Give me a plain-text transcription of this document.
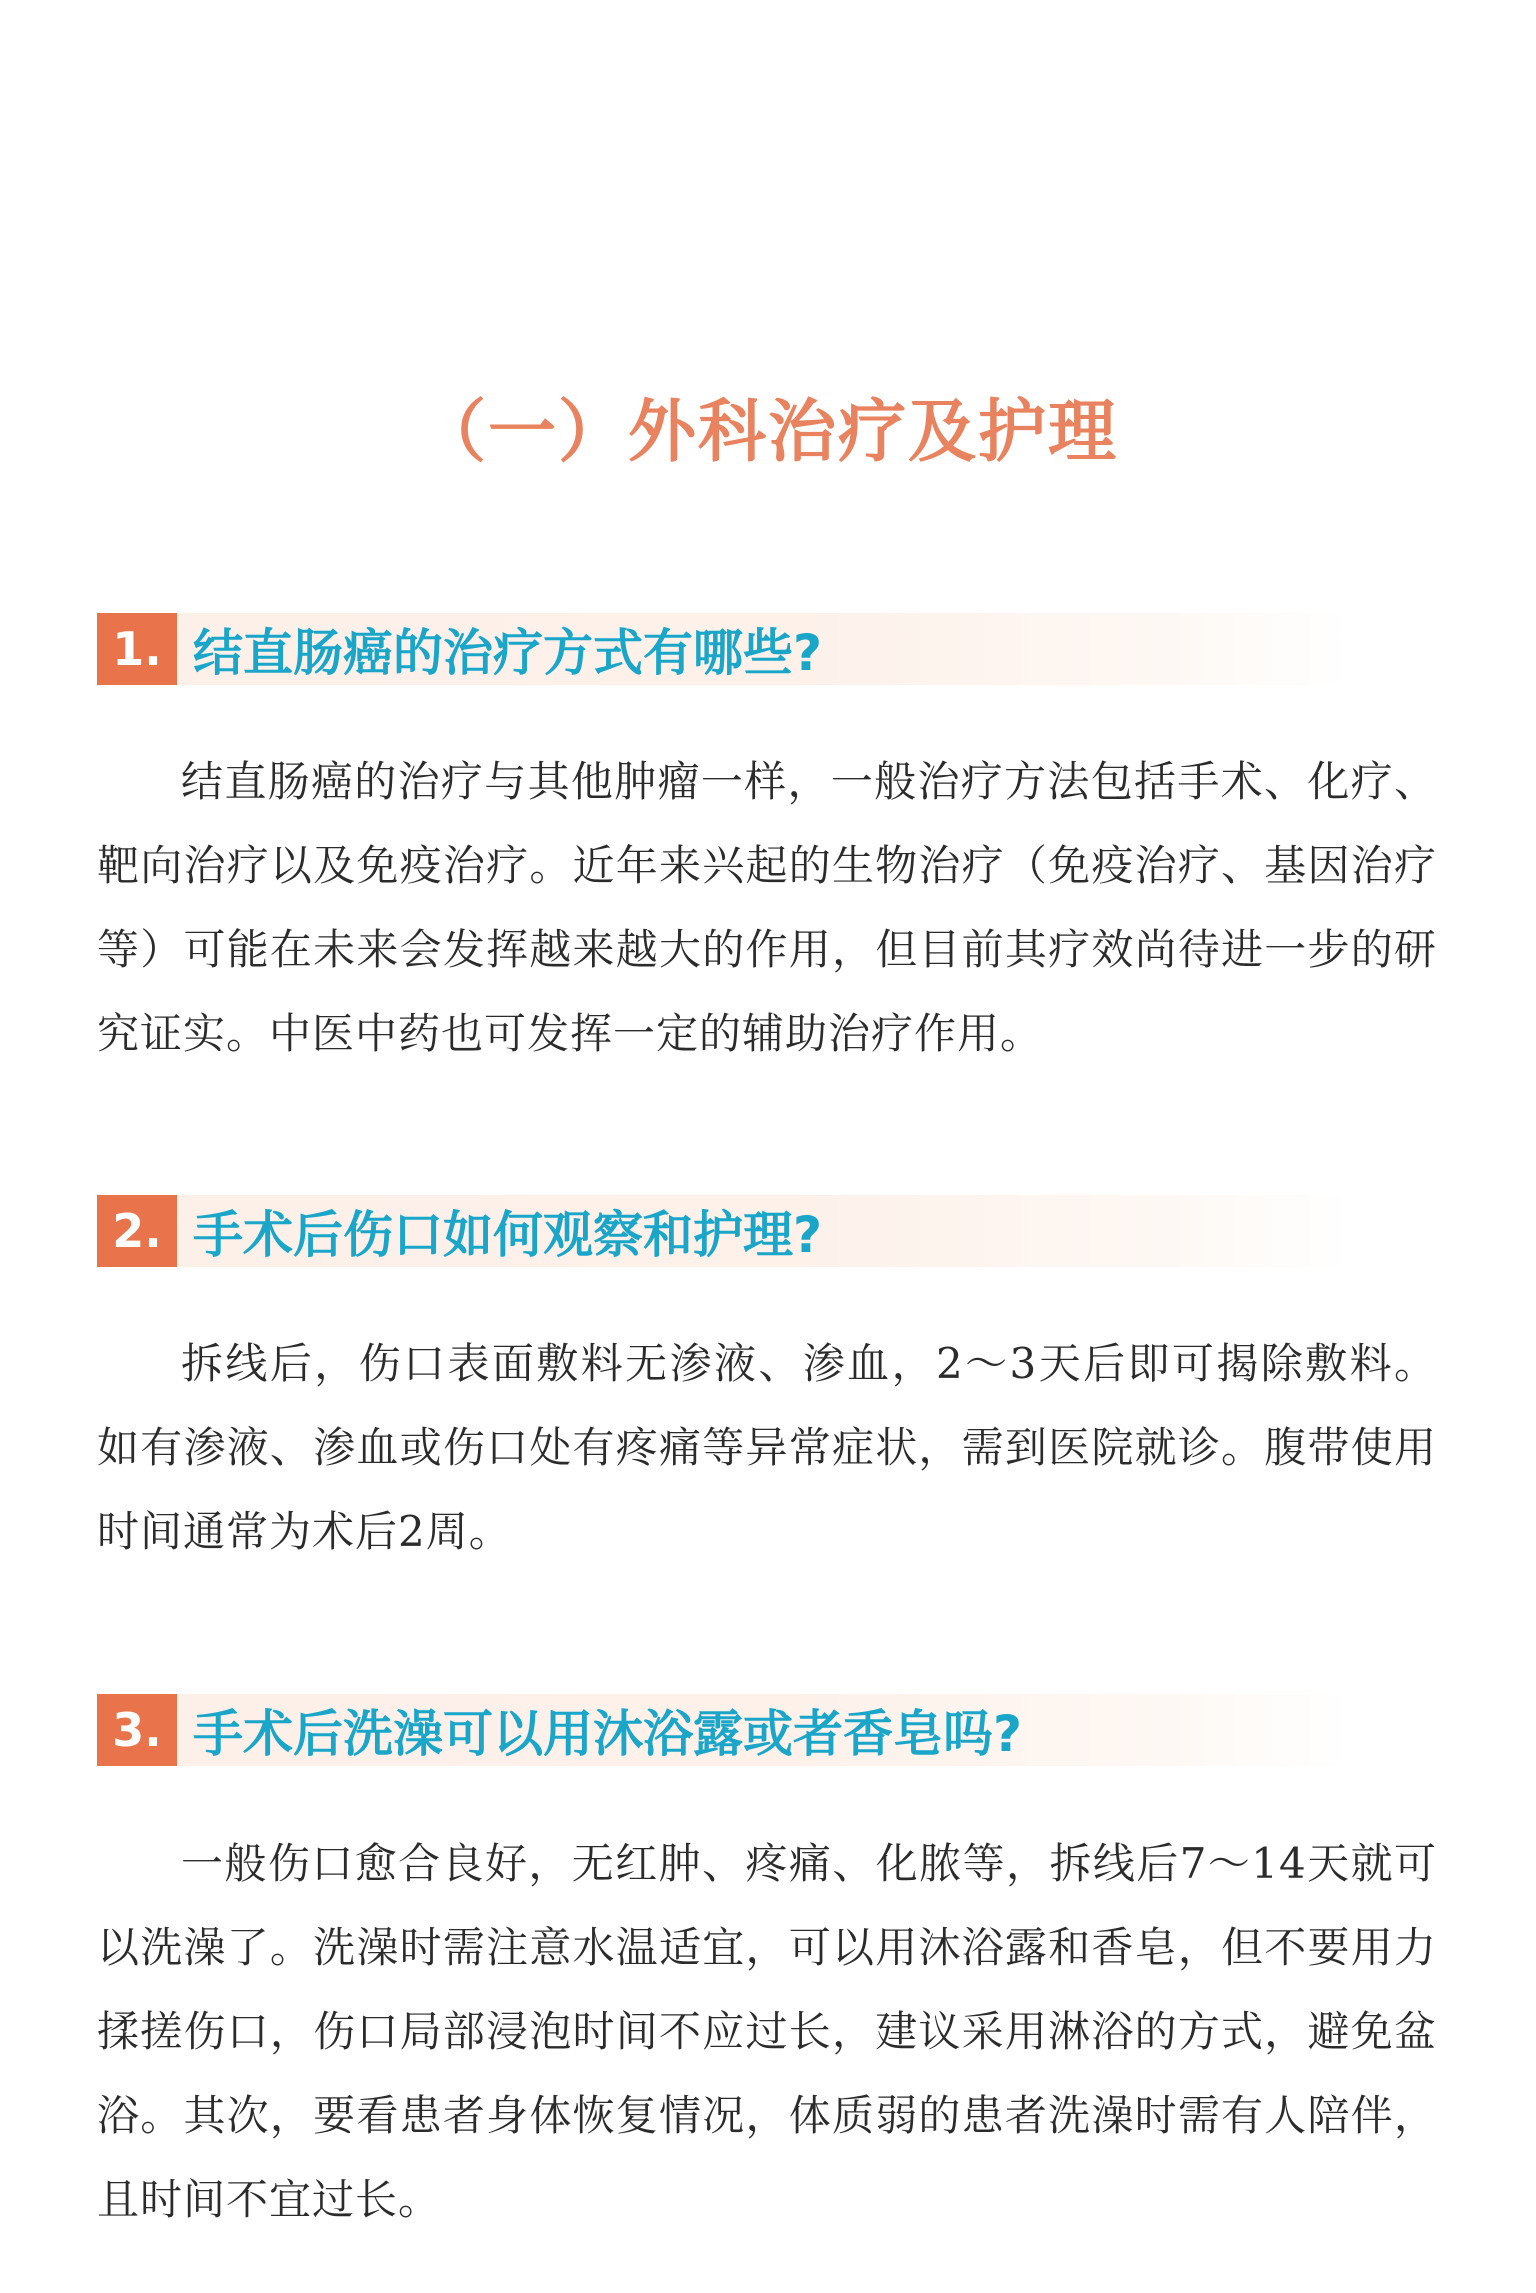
（一）外科治疗及护理
1. 结直肠癌的治疗方式有哪些?

结直肠癌的治疗与其他肿瘤一样，一般治疗方法包括手术、化疗、靶向治疗以及免疫治疗。近年来兴起的生物治疗（免疫治疗、基因治疗等）可能在未来会发挥越来越大的作用，但目前其疗效尚待进一步的研究证实。中医中药也可发挥一定的辅助治疗作用。

2. 手术后伤口如何观察和护理?

拆线后，伤口表面敷料无渗液、渗血，2～3天后即可揭除敷料。如有渗液、渗血或伤口处有疼痛等异常症状，需到医院就诊。腹带使用时间通常为术后2周。

3. 手术后洗澡可以用沐浴露或者香皂吗?

一般伤口愈合良好，无红肿、疼痛、化脓等，拆线后7～14天就可以洗澡了。洗澡时需注意水温适宜，可以用沐浴露和香皂，但不要用力揉搓伤口，伤口局部浸泡时间不应过长，建议采用淋浴的方式，避免盆浴。其次，要看患者身体恢复情况，体质弱的患者洗澡时需有人陪伴，且时间不宜过长。
